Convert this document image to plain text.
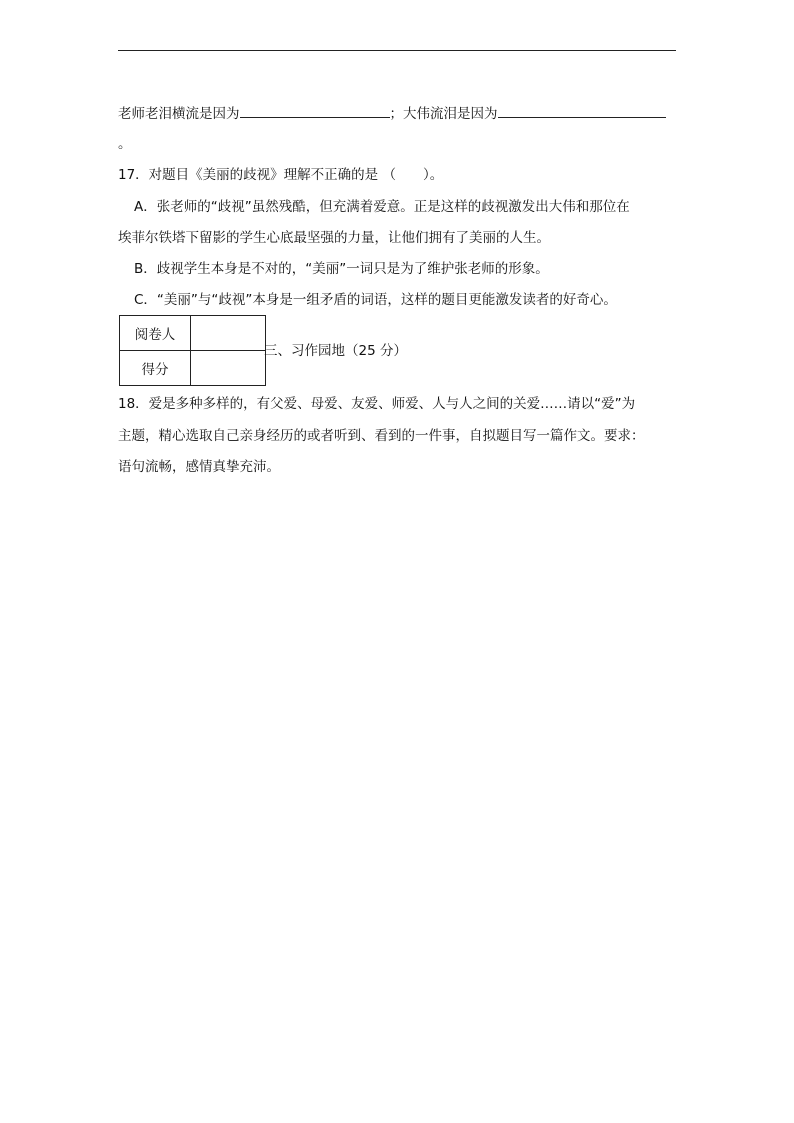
老师老泪横流是因为	；大伟流泪是因为
。
17．对题目《美丽的歧视》理解不正确的是 （　　）。
A．张老师的“歧视”虽然残酷，但充满着爱意。正是这样的歧视激发出大伟和那位在
埃菲尔铁塔下留影的学生心底最坚强的力量，让他们拥有了美丽的人生。
B．歧视学生本身是不对的，“美丽”一词只是为了维护张老师的形象。
C．“美丽”与“歧视”本身是一组矛盾的词语，这样的题目更能激发读者的好奇心。
阅卷人	
得分	
三、习作园地（25 分）
18．爱是多种多样的，有父爱、母爱、友爱、师爱、人与人之间的关爱……请以“爱”为
主题，精心选取自己亲身经历的或者听到、看到的一件事，自拟题目写一篇作文。要求：
语句流畅，感情真挚充沛。
